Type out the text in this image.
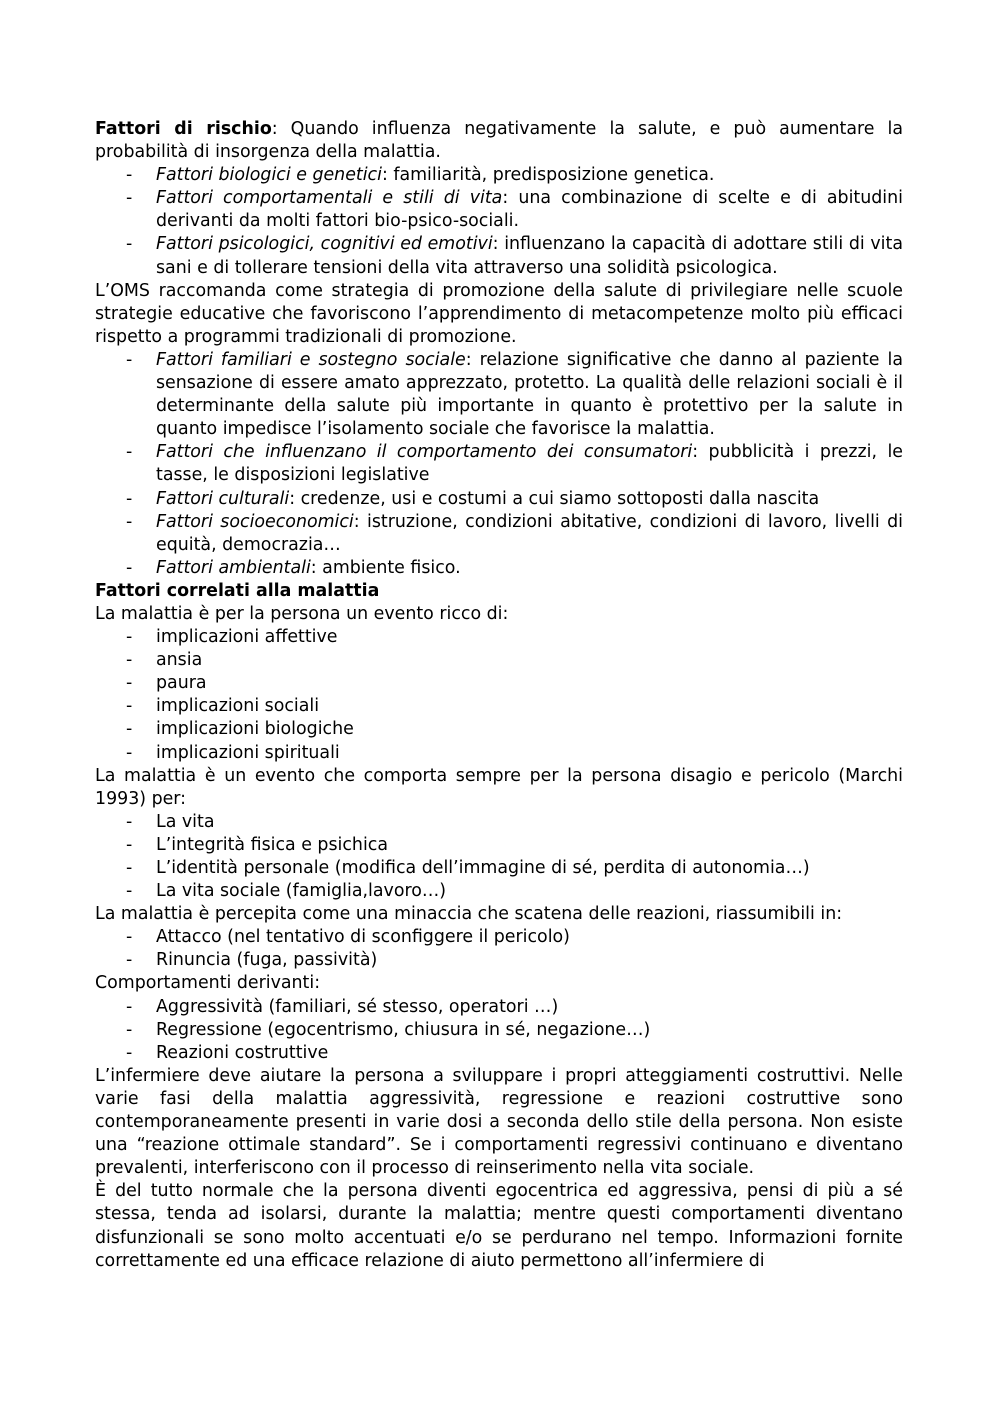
Fattori di rischio: Quando influenza negativamente la salute, e può aumentare la probabilità di insorgenza della malattia.

- Fattori biologici e genetici: familiarità, predisposizione genetica.
- Fattori comportamentali e stili di vita: una combinazione di scelte e di abitudini derivanti da molti fattori bio-psico-sociali.
- Fattori psicologici, cognitivi ed emotivi: influenzano la capacità di adottare stili di vita sani e di tollerare tensioni della vita attraverso una solidità psicologica.

L’OMS raccomanda come strategia di promozione della salute di privilegiare nelle scuole strategie educative che favoriscono l’apprendimento di metacompetenze molto più efficaci rispetto a programmi tradizionali di promozione.

- Fattori familiari e sostegno sociale: relazione significative che danno al paziente la sensazione di essere amato apprezzato, protetto. La qualità delle relazioni sociali è il determinante della salute più importante in quanto è protettivo per la salute in quanto impedisce l’isolamento sociale che favorisce la malattia.
- Fattori che influenzano il comportamento dei consumatori: pubblicità i prezzi, le tasse, le disposizioni legislative
- Fattori culturali: credenze, usi e costumi a cui siamo sottoposti dalla nascita
- Fattori socioeconomici: istruzione, condizioni abitative, condizioni di lavoro, livelli di equità, democrazia…
- Fattori ambientali: ambiente fisico.
Fattori correlati alla malattia

La malattia è per la persona un evento ricco di:

- implicazioni affettive
- ansia
- paura
- implicazioni sociali
- implicazioni biologiche
- implicazioni spirituali

La malattia è un evento che comporta sempre per la persona disagio e pericolo (Marchi 1993) per:

- La vita
- L’integrità fisica e psichica
- L’identità personale (modifica dell’immagine di sé, perdita di autonomia…)
- La vita sociale (famiglia,lavoro…)

La malattia è percepita come una minaccia che scatena delle reazioni, riassumibili in:

- Attacco (nel tentativo di sconfiggere il pericolo)
- Rinuncia (fuga, passività)

Comportamenti derivanti:

- Aggressività (familiari, sé stesso, operatori …)
- Regressione (egocentrismo, chiusura in sé, negazione…)
- Reazioni costruttive

L’infermiere deve aiutare la persona a sviluppare i propri atteggiamenti costruttivi. Nelle varie fasi della malattia aggressività, regressione e reazioni costruttive sono contemporaneamente presenti in varie dosi a seconda dello stile della persona. Non esiste una “reazione ottimale standard”. Se i comportamenti regressivi continuano e diventano prevalenti, interferiscono con il processo di reinserimento nella vita sociale.

È del tutto normale che la persona diventi egocentrica ed aggressiva, pensi di più a sé stessa, tenda ad isolarsi, durante la malattia; mentre questi comportamenti diventano disfunzionali se sono molto accentuati e/o se perdurano nel tempo. Informazioni fornite correttamente ed una efficace relazione di aiuto permettono all’infermiere di
